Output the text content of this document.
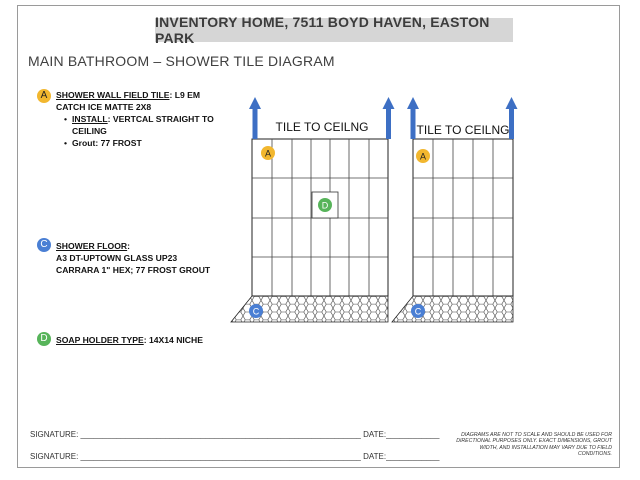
INVENTORY HOME, 7511 BOYD HAVEN, EASTON PARK
MAIN BATHROOM – SHOWER TILE DIAGRAM
A	SHOWER WALL FIELD TILE: L9 EM
CATCH ICE MATTE 2X8
• INSTALL: VERTCAL STRAIGHT TO
CEILING
• Grout: 77 FROST
C SHOWER FLOOR:
A3 DT-UPTOWN GLASS UP23
CARRARA 1" HEX; 77 FROST GROUT
D SOAP HOLDER TYPE: 14X14 NICHE
TILE TO CEILNG	TILE TO CEILNG
A	A
D
C	C
SIGNATURE: _______________________________________________________________ DATE:____________
SIGNATURE: _______________________________________________________________ DATE:____________
DIAGRAMS ARE NOT TO SCALE AND SHOULD BE USED FOR DIRECTIONAL PURPOSES ONLY. EXACT DIMENSIONS, GROUT WIDTH, AND INSTALLATION MAY VARY DUE TO FIELD CONDITIONS.
